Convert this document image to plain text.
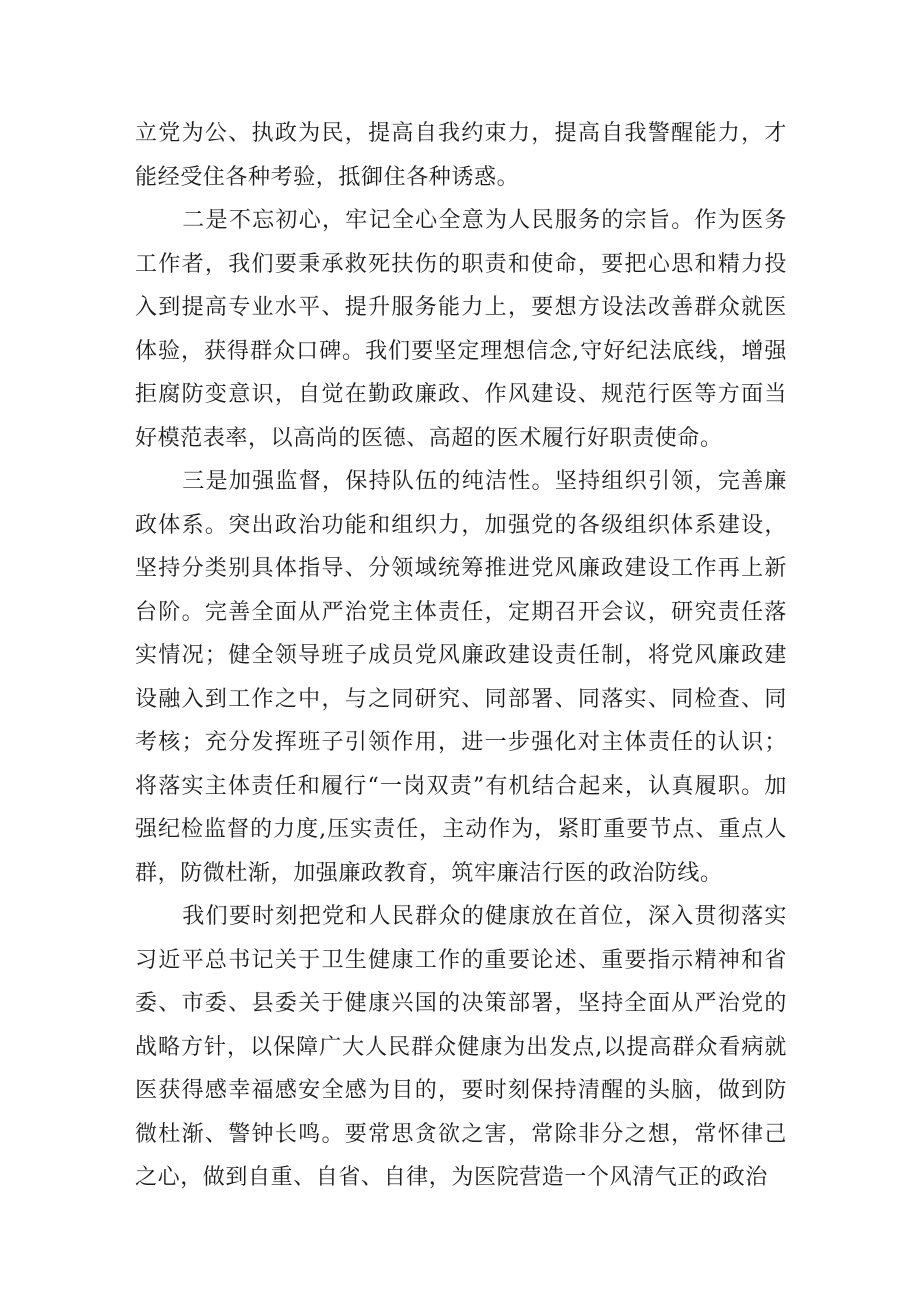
立党为公、执政为民，提高自我约束力，提高自我警醒能力，才能经受住各种考验，抵御住各种诱惑。

二是不忘初心，牢记全心全意为人民服务的宗旨。作为医务工作者，我们要秉承救死扶伤的职责和使命，要把心思和精力投入到提高专业水平、提升服务能力上，要想方设法改善群众就医体验，获得群众口碑。我们要坚定理想信念,守好纪法底线，增强拒腐防变意识，自觉在勤政廉政、作风建设、规范行医等方面当好模范表率，以高尚的医德、高超的医术履行好职责使命。

三是加强监督，保持队伍的纯洁性。坚持组织引领，完善廉政体系。突出政治功能和组织力，加强党的各级组织体系建设，坚持分类别具体指导、分领域统筹推进党风廉政建设工作再上新台阶。完善全面从严治党主体责任，定期召开会议，研究责任落实情况；健全领导班子成员党风廉政建设责任制，将党风廉政建设融入到工作之中，与之同研究、同部署、同落实、同检查、同考核；充分发挥班子引领作用，进一步强化对主体责任的认识；将落实主体责任和履行“一岗双责”有机结合起来，认真履职。加强纪检监督的力度,压实责任，主动作为，紧盯重要节点、重点人群，防微杜渐，加强廉政教育，筑牢廉洁行医的政治防线。

我们要时刻把党和人民群众的健康放在首位，深入贯彻落实习近平总书记关于卫生健康工作的重要论述、重要指示精神和省委、市委、县委关于健康兴国的决策部署，坚持全面从严治党的战略方针，以保障广大人民群众健康为出发点,以提高群众看病就医获得感幸福感安全感为目的，要时刻保持清醒的头脑，做到防微杜渐、警钟长鸣。要常思贪欲之害，常除非分之想，常怀律己之心，做到自重、自省、自律，为医院营造一个风清气正的政治
